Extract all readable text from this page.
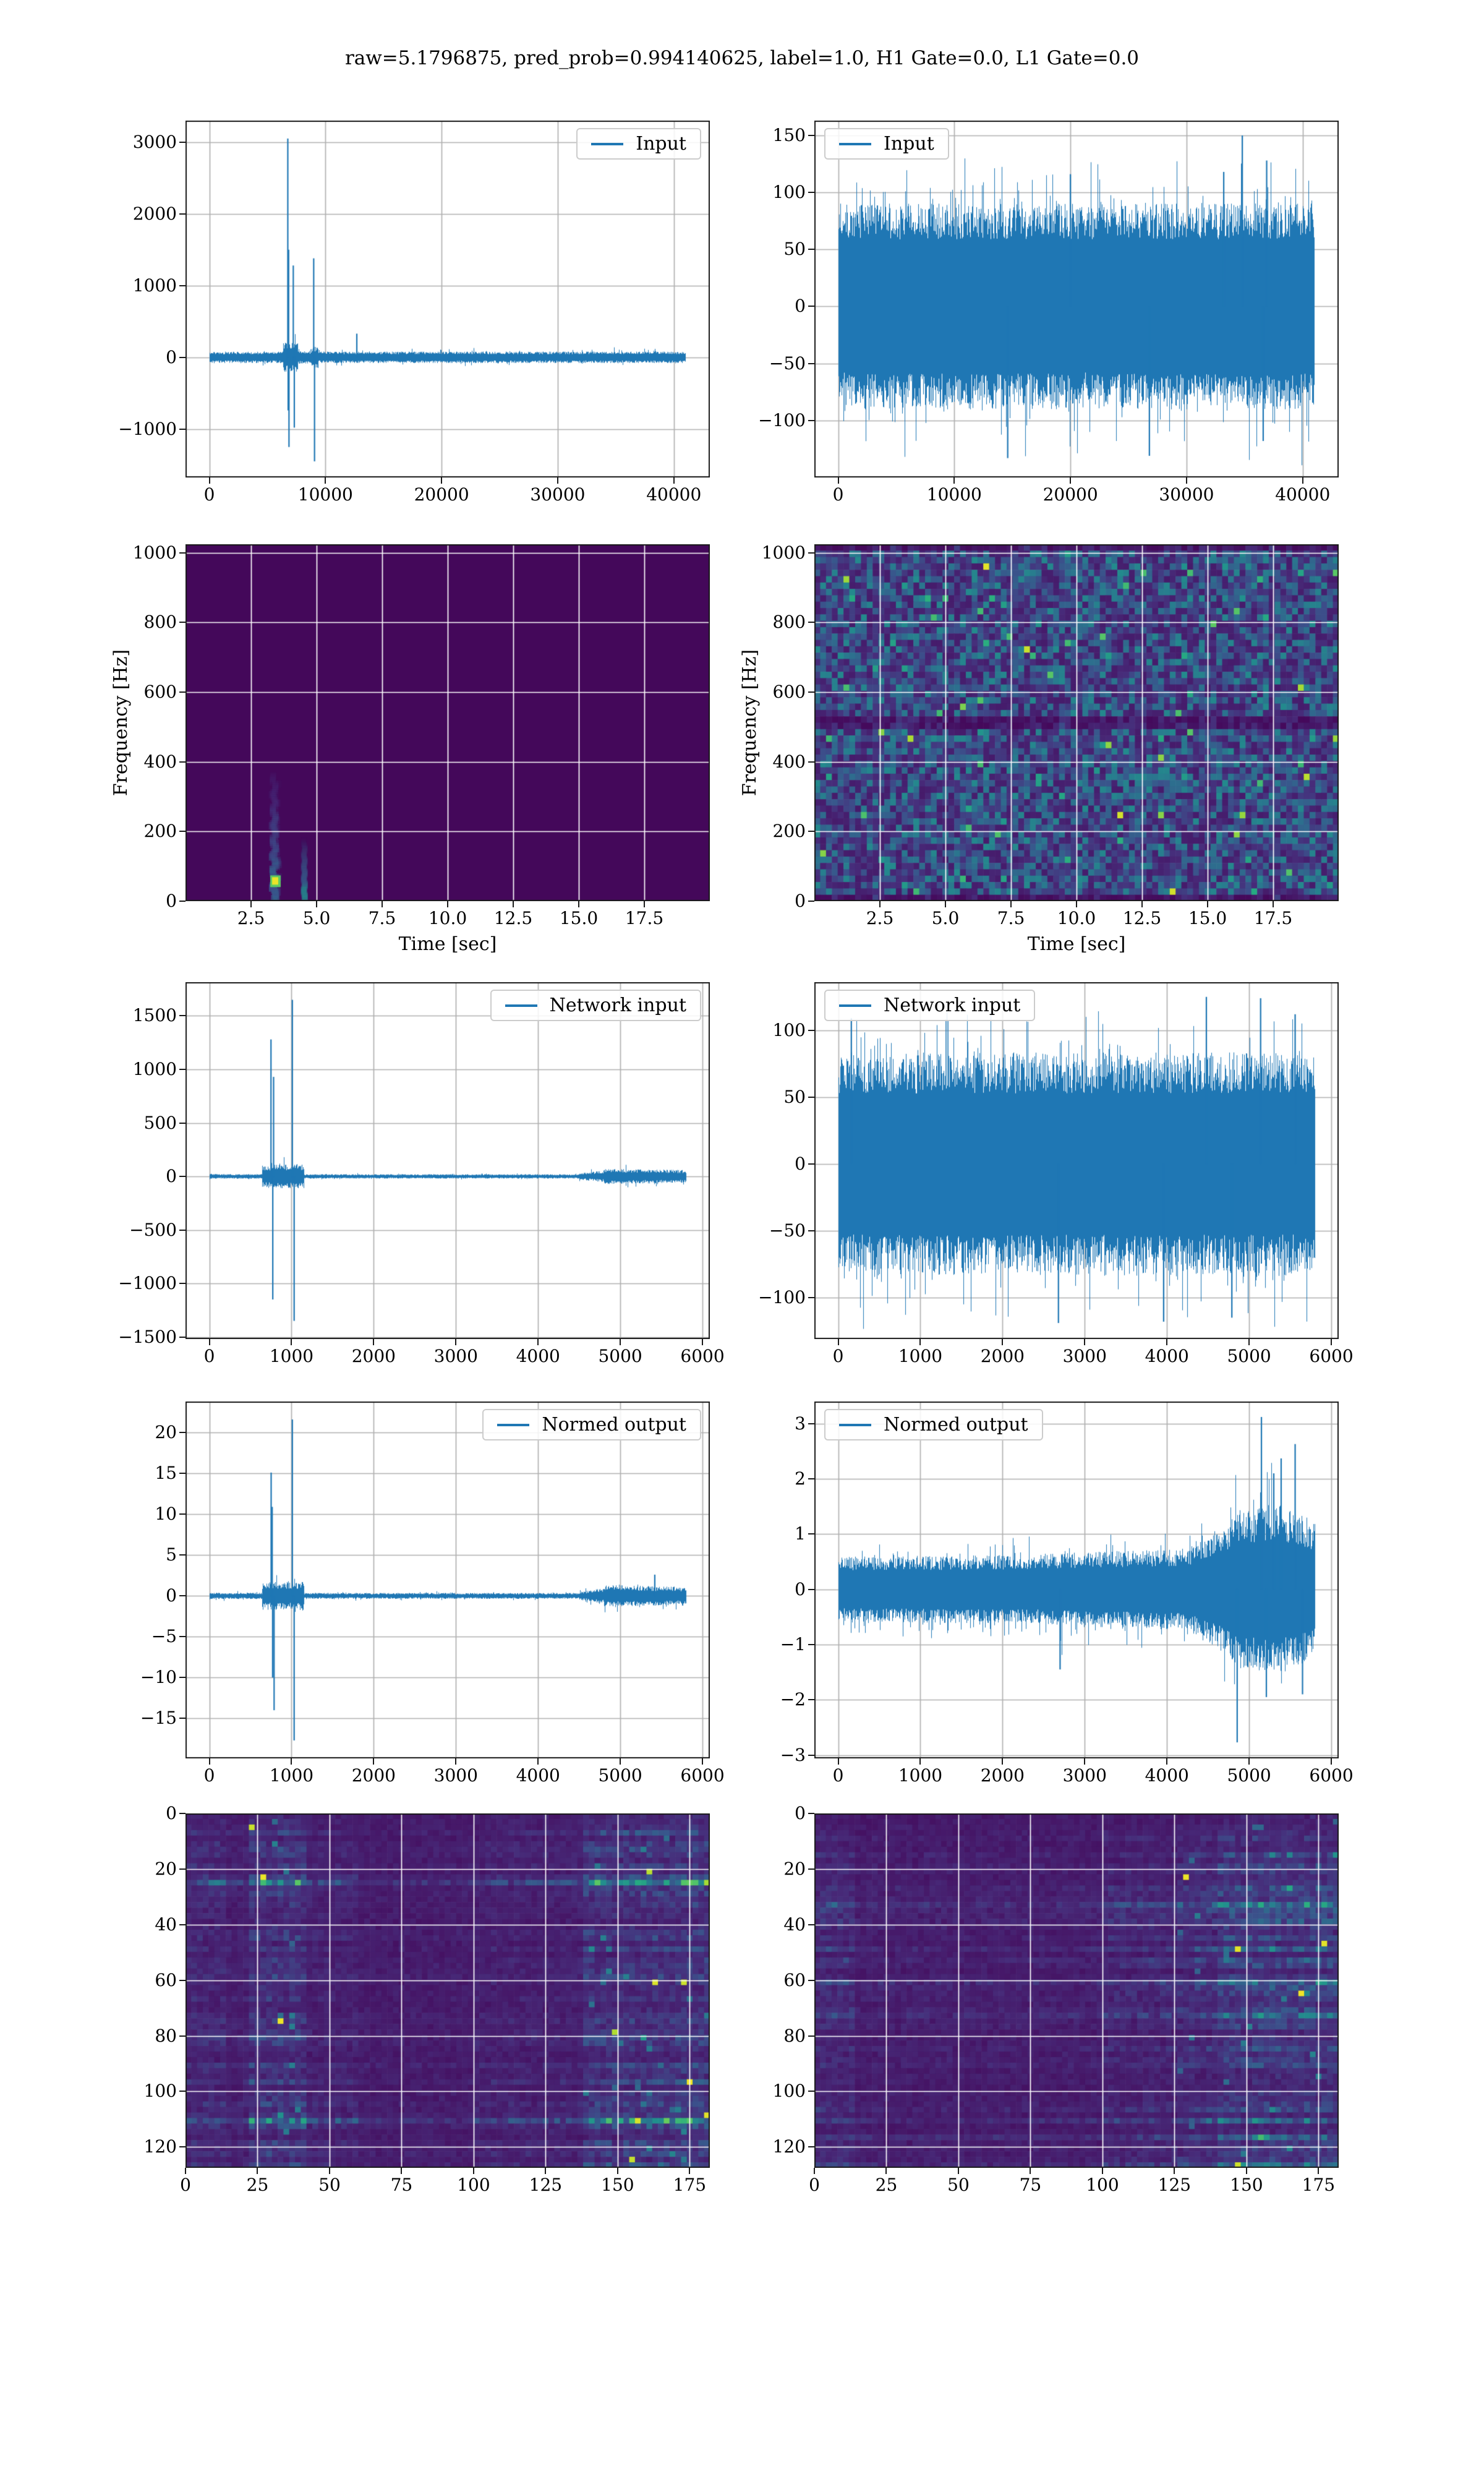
raw=5.1796875, pred_prob=0.994140625, label=1.0, H1 Gate=0.0, L1 Gate=0.0
Input
0	10000	20000	30000	40000
−1000
0
1000
2000
3000	Input
0	10000	20000	30000	40000
−100
−50
0
50
100
150
Frequency [Hz]
Time [sec]
2.5	5.0	7.5	10.0	12.5	15.0	17.5
0
200
400
600
800
1000
Frequency [Hz]
Time [sec]
2.5	5.0	7.5	10.0	12.5	15.0	17.5
0
200
400
600
800
1000
Network input
0	1000	2000	3000	4000	5000	6000
−1500
−1000
−500
0
500
1000
1500	Network input
0	1000	2000	3000	4000	5000	6000
−100
−50
0
50
100
Normed output
0	1000	2000	3000	4000	5000	6000
−15
−10
−5
0
5
10
15
20	Normed output
0	1000	2000	3000	4000	5000	6000
−3
−2
−1
0
1
2
3
0	25	50	75	100	125	150	175
0
20
40
60
80
100
120
0	25	50	75	100	125	150	175
0
20
40
60
80
100
120
